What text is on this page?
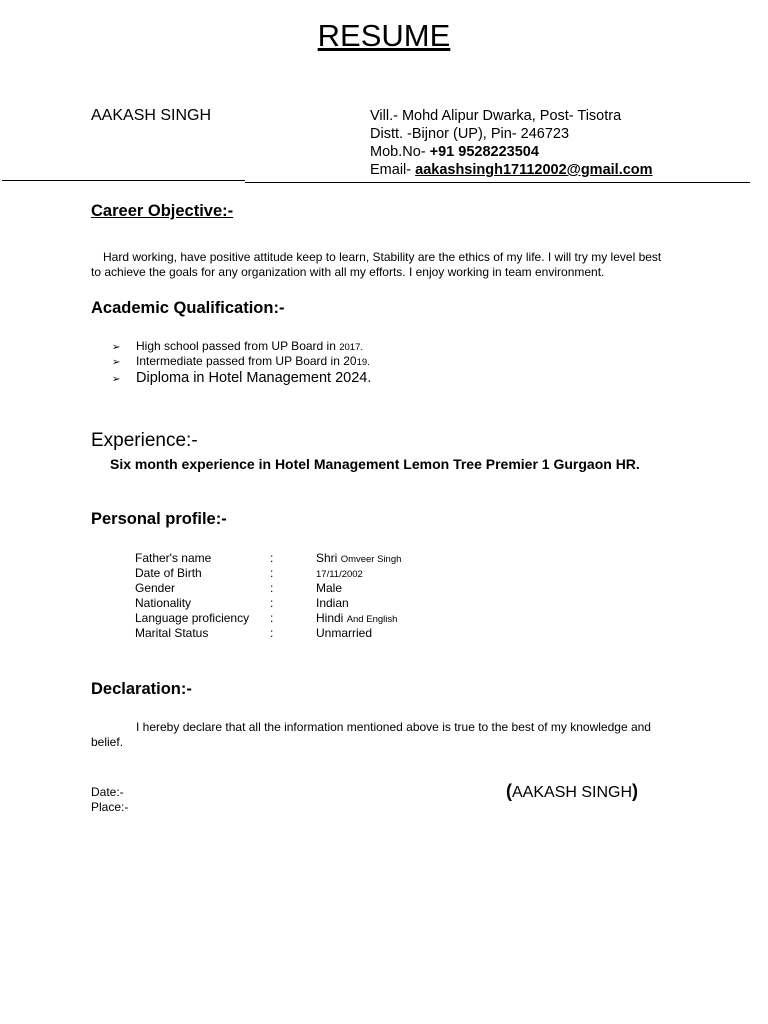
RESUME
AAKASH SINGH	Vill.- Mohd Alipur Dwarka, Post- Tisotra
Distt. -Bijnor (UP), Pin- 246723
Mob.No- +91 9528223504
Email- aakashsingh17112002@gmail.com
Career Objective:-
Hard working, have positive attitude keep to learn, Stability are the ethics of my life. I will try my level best to achieve the goals for any organization with all my efforts. I enjoy working in team environment.
Academic Qualification:-
➢ High school passed from UP Board in 2017.
➢ Intermediate passed from UP Board in 2019.
➢ Diploma in Hotel Management 2024.
Experience:-
Six month experience in Hotel Management Lemon Tree Premier 1 Gurgaon HR.
Personal profile:-
Father's name	:	Shri Omveer Singh
Date of Birth	:	17/11/2002
Gender	:	Male
Nationality	:	Indian
Language proficiency :	Hindi And English
Marital Status	:	Unmarried
Declaration:-
I hereby declare that all the information mentioned above is true to the best of my knowledge and belief.
Date:-
Place:-
(AAKASH SINGH)
